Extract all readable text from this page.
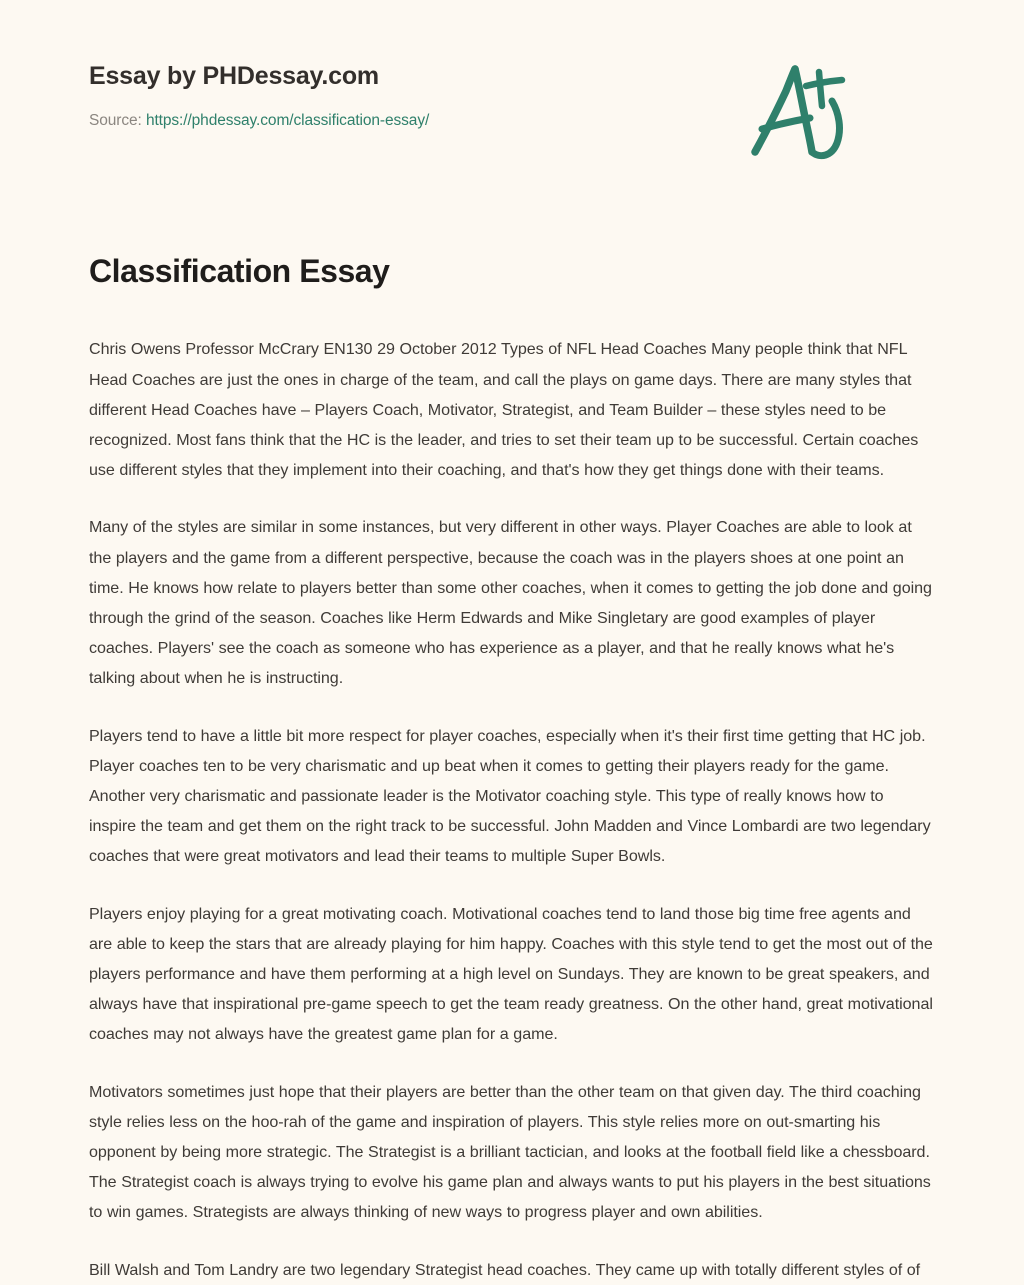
Essay by PHDessay.com
Source: https://phdessay.com/classification-essay/
Classification Essay

Chris Owens Professor McCrary EN130 29 October 2012 Types of NFL Head Coaches Many people think that NFL Head Coaches are just the ones in charge of the team, and call the plays on game days. There are many styles that different Head Coaches have – Players Coach, Motivator, Strategist, and Team Builder – these styles need to be recognized. Most fans think that the HC is the leader, and tries to set their team up to be successful. Certain coaches use different styles that they implement into their coaching, and that's how they get things done with their teams.

Many of the styles are similar in some instances, but very different in other ways. Player Coaches are able to look at the players and the game from a different perspective, because the coach was in the players shoes at one point an time. He knows how relate to players better than some other coaches, when it comes to getting the job done and going through the grind of the season. Coaches like Herm Edwards and Mike Singletary are good examples of player coaches. Players' see the coach as someone who has experience as a player, and that he really knows what he's talking about when he is instructing.

Players tend to have a little bit more respect for player coaches, especially when it's their first time getting that HC job. Player coaches ten to be very charismatic and up beat when it comes to getting their players ready for the game. Another very charismatic and passionate leader is the Motivator coaching style. This type of really knows how to inspire the team and get them on the right track to be successful. John Madden and Vince Lombardi are two legendary coaches that were great motivators and lead their teams to multiple Super Bowls.

Players enjoy playing for a great motivating coach. Motivational coaches tend to land those big time free agents and are able to keep the stars that are already playing for him happy. Coaches with this style tend to get the most out of the players performance and have them performing at a high level on Sundays. They are known to be great speakers, and always have that inspirational pre-game speech to get the team ready greatness. On the other hand, great motivational coaches may not always have the greatest game plan for a game.

Motivators sometimes just hope that their players are better than the other team on that given day. The third coaching style relies less on the hoo-rah of the game and inspiration of players. This style relies more on out-smarting his opponent by being more strategic. The Strategist is a brilliant tactician, and looks at the football field like a chessboard. The Strategist coach is always trying to evolve his game plan and always wants to put his players in the best situations to win games. Strategists are always thinking of new ways to progress player and own abilities.

Bill Walsh and Tom Landry are two legendary Strategist head coaches. They came up with totally different styles of of
